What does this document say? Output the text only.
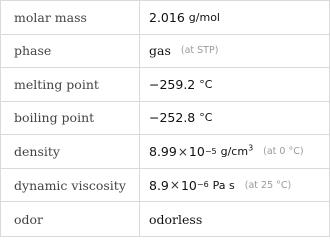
molar mass	2.016 g/mol
phase	gas (at STP)
melting point	−259.2 °C
boiling point	−252.8 °C
density	8.99 × 10 −5 $g/cm^3$ (at 0 °C)
dynamic viscosity	8.9 × 10 −6 Pa s (at 25 °C)
odor	odorless
